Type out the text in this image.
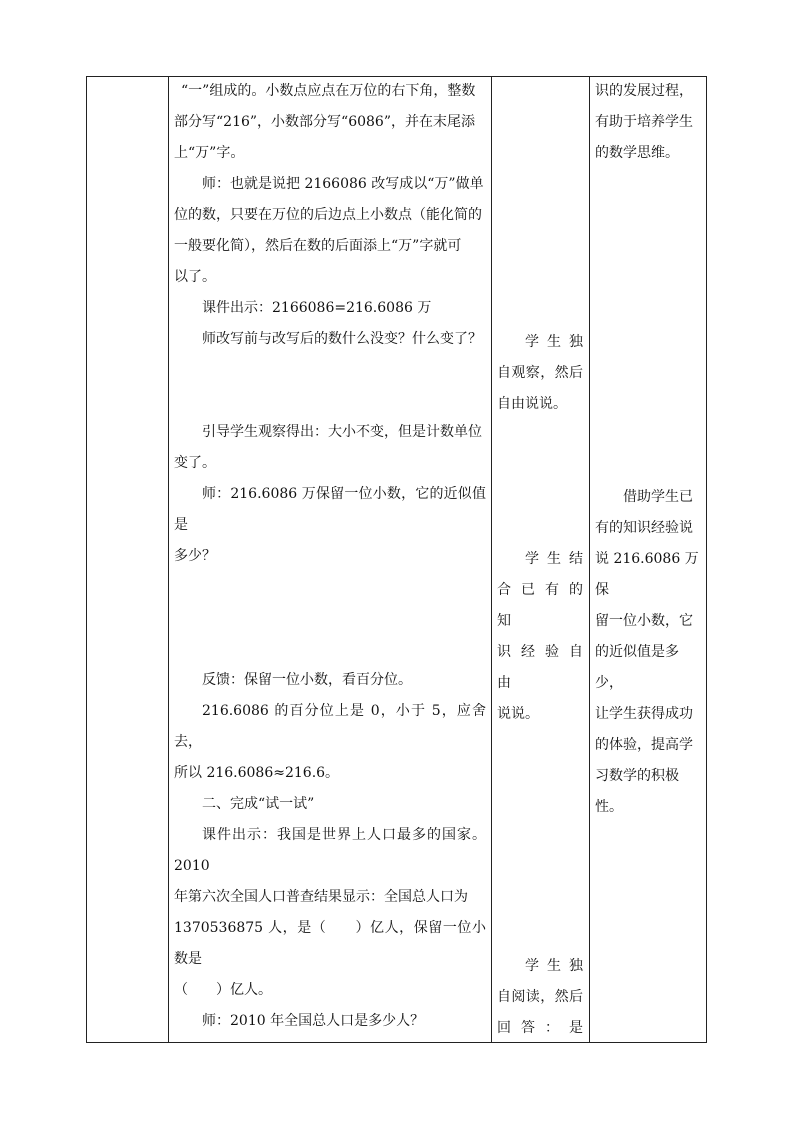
“一”组成的。小数点应点在万位的右下角，整数
部分写“216”，小数部分写“6086”，并在末尾添
上“万”字。

师：也就是说把 2166086 改写成以“万”做单
位的数，只要在万位的后边点上小数点（能化简的
一般要化简），然后在数的后面添上“万”字就可
以了。

课件出示：2166086=216.6086 万

师改写前与改写后的数什么没变？什么变了？

引导学生观察得出：大小不变，但是计数单位
变了。

师：216.6086 万保留一位小数，它的近似值是
多少？

反馈：保留一位小数，看百分位。

216.6086 的百分位上是 0，小于 5，应舍去，
所以 216.6086≈216.6。

二、完成“试一试”

课件出示：我国是世界上人口最多的国家。2010
年第六次全国人口普查结果显示：全国总人口为
1370536875 人，是（　　）亿人，保留一位小数是
（　　）亿人。

师：2010 年全国总人口是多少人？

学 生 独

自观察，然后

自由说说。

学 生 结

合 已 有 的 知

识 经 验 自 由

说说。

学 生 独

自阅读，然后

回 答 ： 是

识的发展过程，

有助于培养学生

的数学思维。

借助学生已

有的知识经验说

说 216.6086 万保

留一位小数，它

的近似值是多少，

让学生获得成功

的体验，提高学

习数学的积极性。
